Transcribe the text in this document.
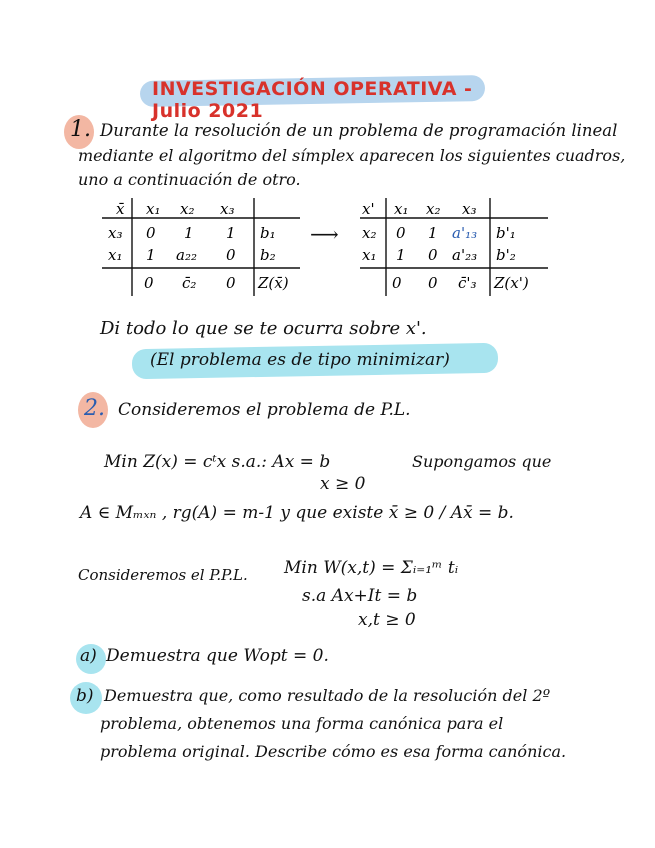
INVESTIGACIÓN OPERATIVA - Julio 2021
1. Durante la resolución de un problema de programación lineal
mediante el algoritmo del símplex aparecen los siguientes cuadros,
uno a continuación de otro.
x̄ x₁ x₂ x₃
x₃ 0 1 1 b₁
x₁ 1 a₂₂ 0 b₂
0 c̄₂ 0 Z(x̄)
⟶
x' x₁ x₂ x₃
x₂ 0 1 a'₁₃ b'₁
x₁ 1 0 a'₂₃ b'₂
0 0 c̄'₃ Z(x')
Di todo lo que se te ocurra sobre x'.
(El problema es de tipo minimizar)
2. Consideremos el problema de P.L.
Min Z(x) = cᵗx s.a.: Ax = b
x ≥ 0
Supongamos que
A ∈ Mₘₓₙ , rg(A) = m-1 y que existe x̄ ≥ 0 / Ax̄ = b.
Consideremos el P.P.L. Min W(x,t) = Σᵢ₌₁ᵐ tᵢ
s.a Ax+It = b
x,t ≥ 0
a) Demuestra que Wopt = 0.
b) Demuestra que, como resultado de la resolución del 2º
problema, obtenemos una forma canónica para el
problema original. Describe cómo es esa forma canónica.
